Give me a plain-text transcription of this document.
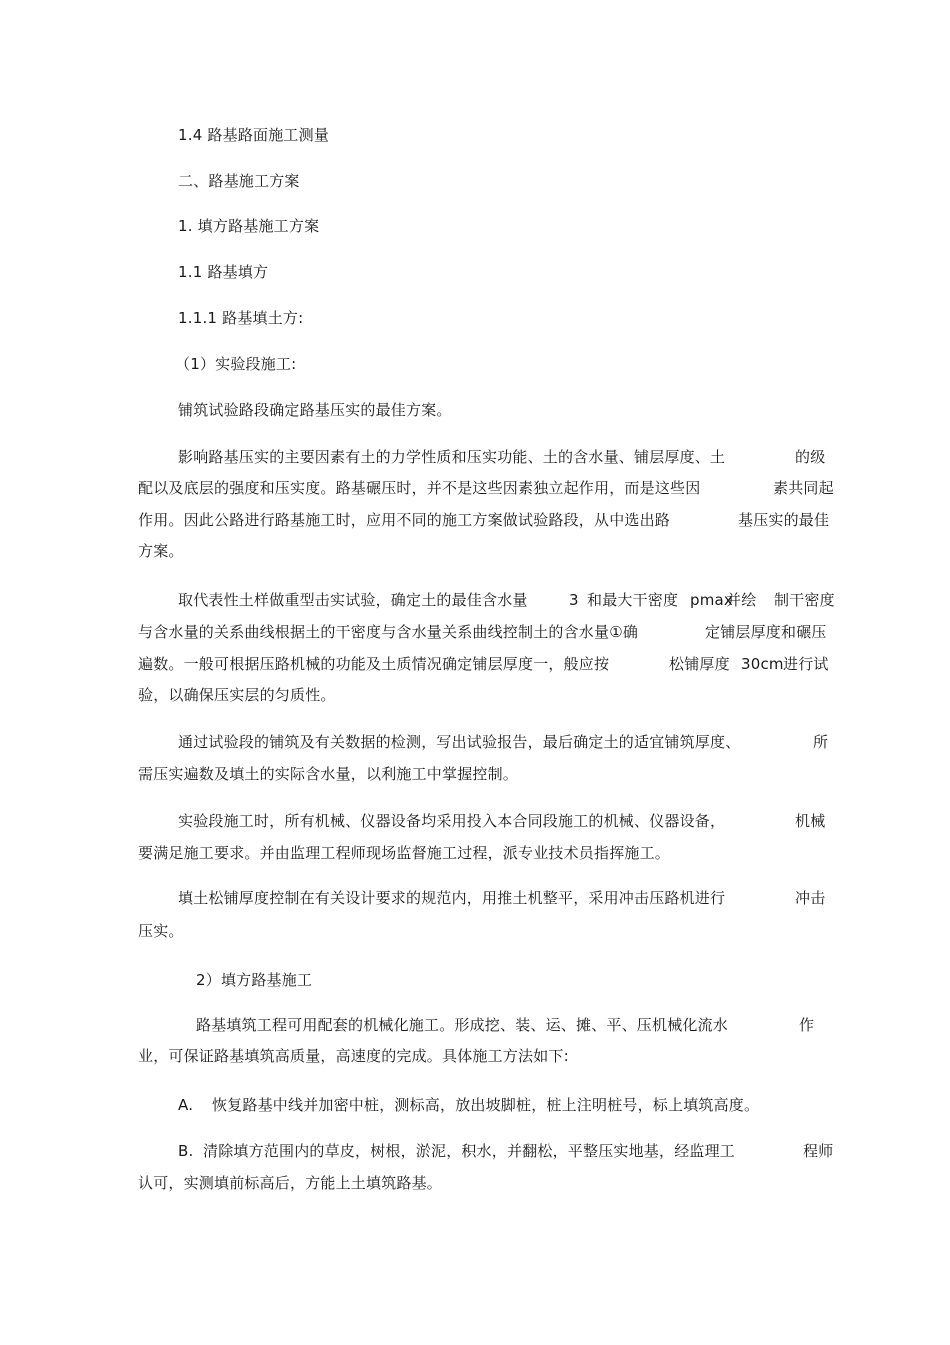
1.4 路基路面施工测量
二、路基施工方案
1. 填方路基施工方案
1.1 路基填方
1.1.1 路基填土方:
（1）实验段施工:
铺筑试验路段确定路基压实的最佳方案。
影响路基压实的主要因素有土的力学性质和压实功能、土的含水量、铺层厚度、土	的级
配以及底层的强度和压实度。路基碾压时，并不是这些因素独立起作用，而是这些因	素共同起
作用。因此公路进行路基施工时，应用不同的施工方案做试验路段，从中选出路	基压实的最佳
方案。
取代表性土样做重型击实试验，确定土的最佳含水量	3 和最大干密度 pmax
并绘 制干密度
与含水量的关系曲线根据土的干密度与含水量关系曲线控制土的含水量①确	定铺层厚度和碾压
遍数。一般可根据压路机械的功能及土质情况确定铺层厚度一，般应按	松铺厚度 30cm 进行试
验，以确保压实层的匀质性。
通过试验段的铺筑及有关数据的检测，写出试验报告，最后确定土的适宜铺筑厚度、	所
需压实遍数及填土的实际含水量，以利施工中掌握控制。
实验段施工时，所有机械、仪器设备均采用投入本合同段施工的机械、仪器设备，	机械
要满足施工要求。并由监理工程师现场监督施工过程，派专业技术员指挥施工。
填土松铺厚度控制在有关设计要求的规范内，用推土机整平，采用冲击压路机进行	冲击
压实。
2）填方路基施工
路基填筑工程可用配套的机械化施工。形成挖、装、运、摊、平、压机械化流水	作
业，可保证路基填筑高质量，高速度的完成。具体施工方法如下:
A. 恢复路基中线并加密中桩，测标高，放出坡脚桩，桩上注明桩号，标上填筑高度。
B. 清除填方范围内的草皮，树根，淤泥，积水，并翻松，平整压实地基，经监理工	程师
认可，实测填前标高后，方能上土填筑路基。
